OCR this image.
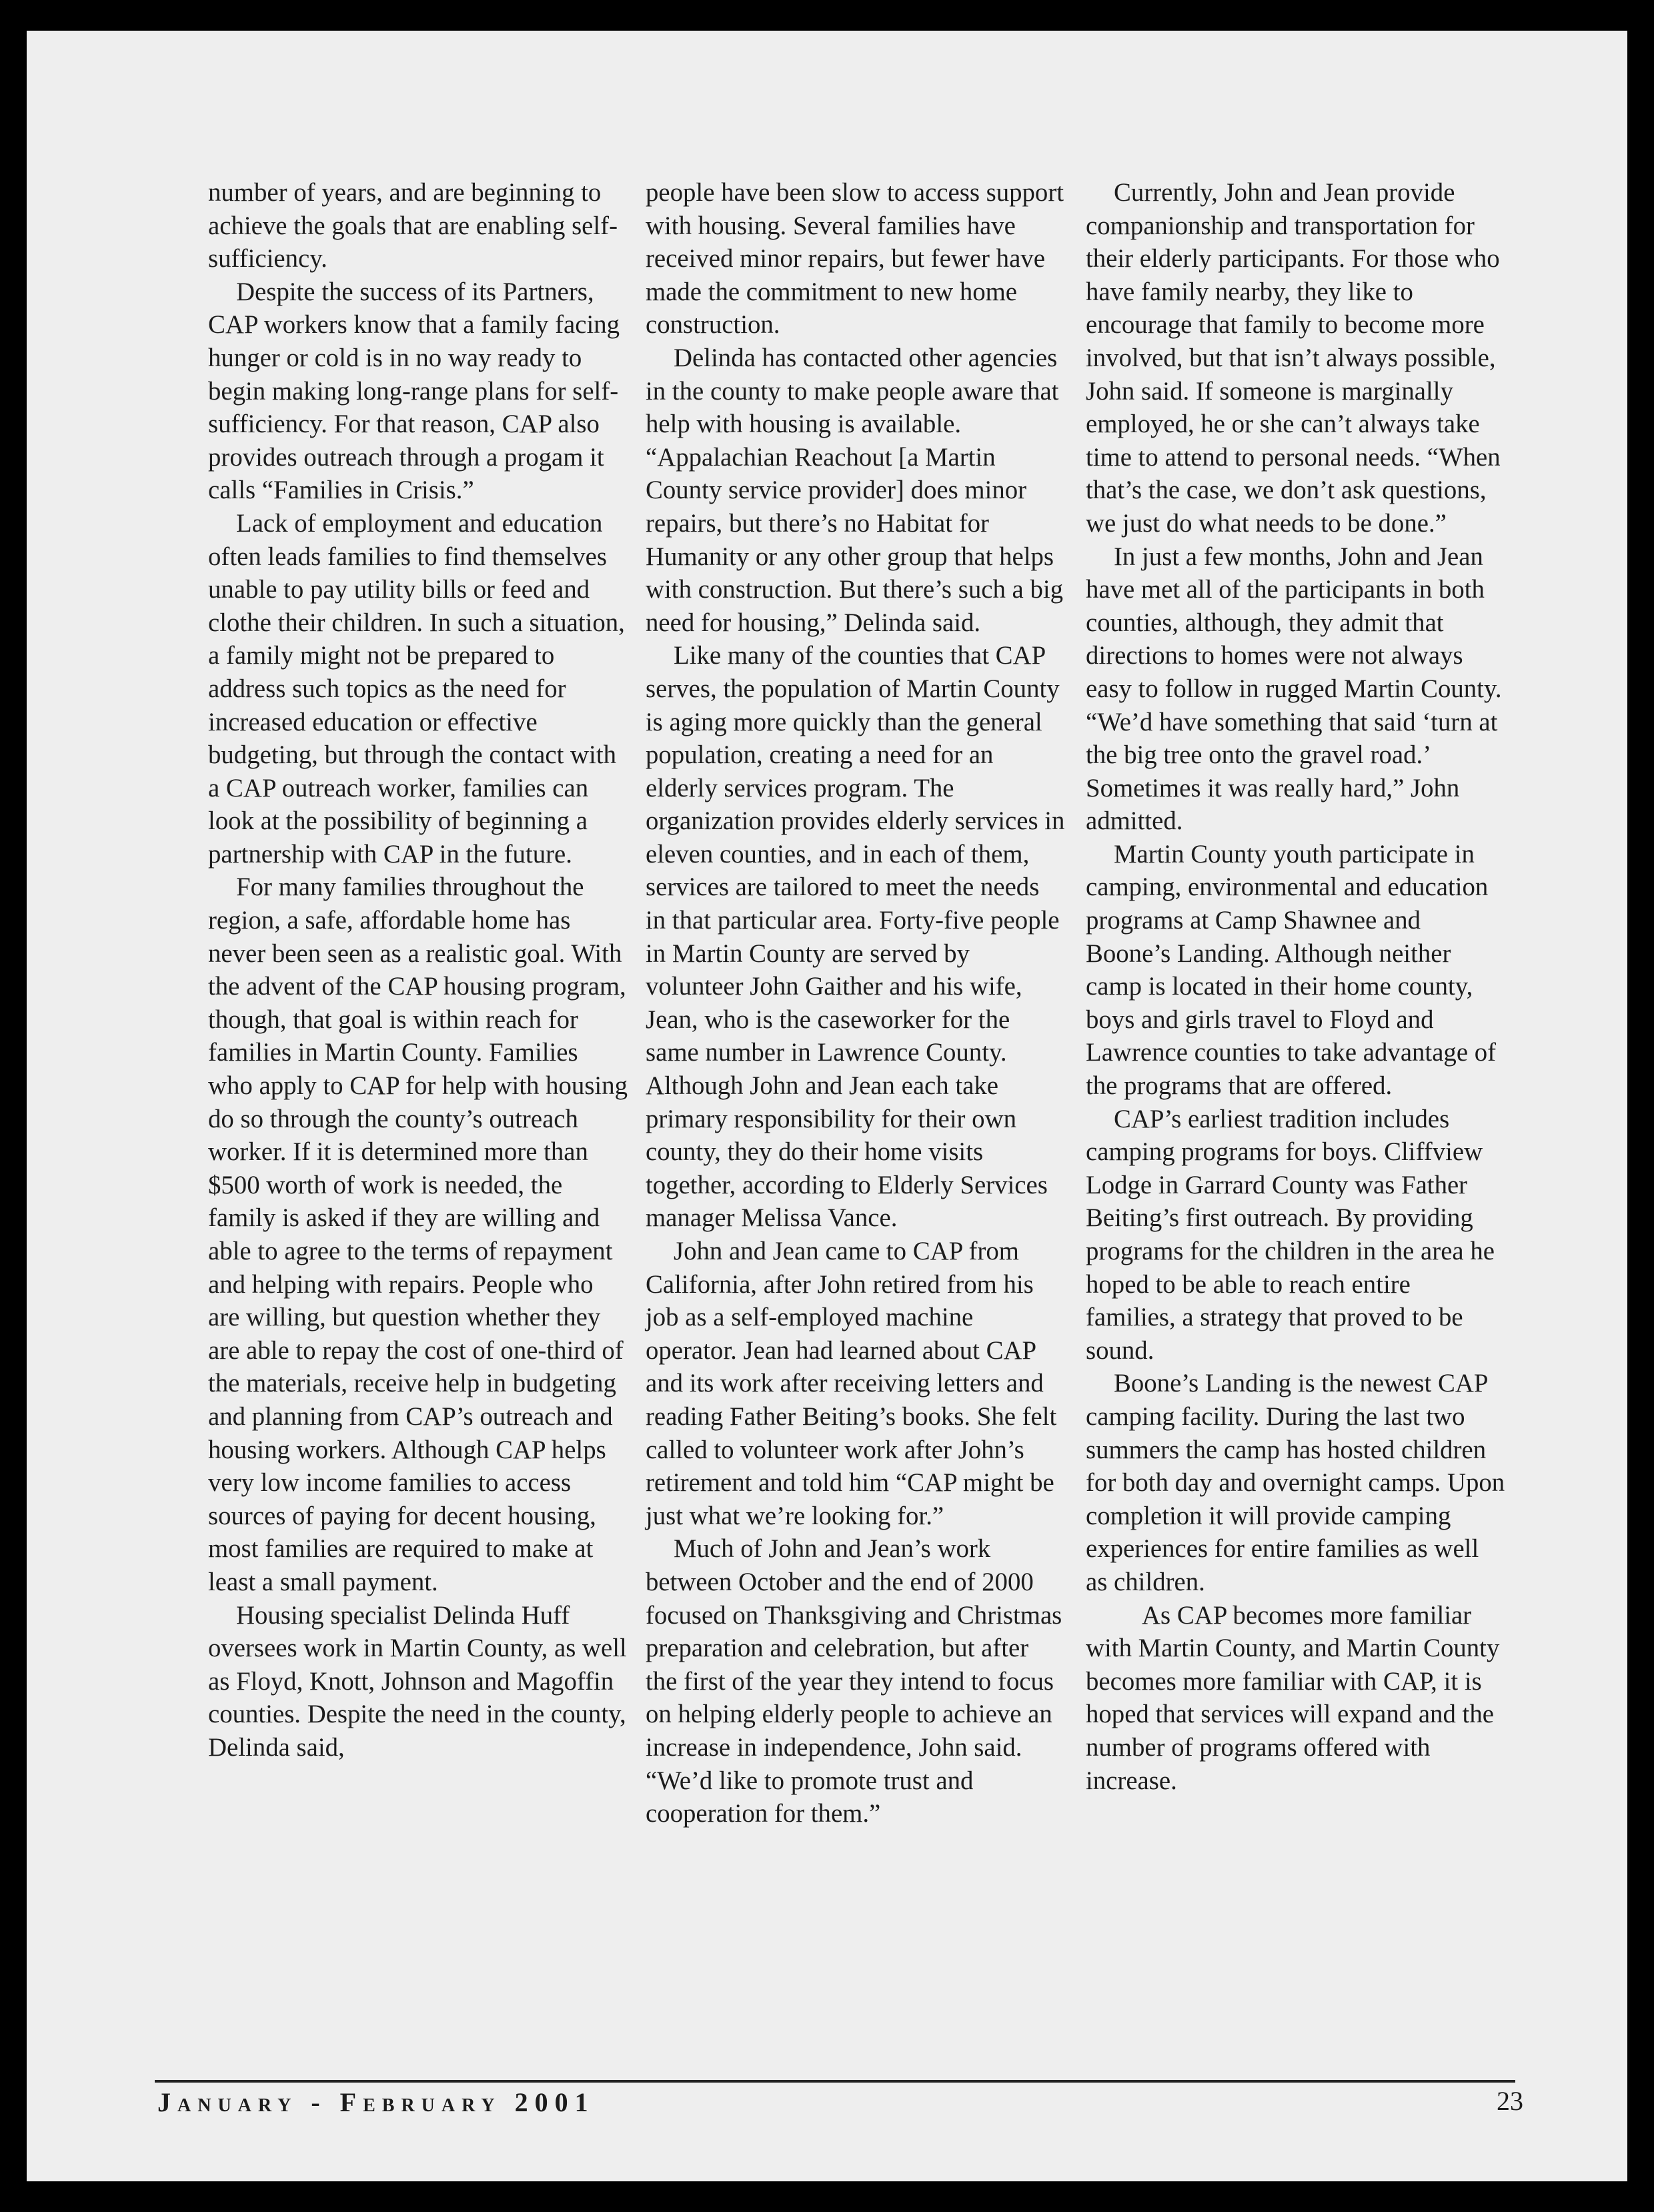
number of years, and are beginning to achieve the goals that are enabling self-sufficiency.

Despite the success of its Partners, CAP workers know that a family facing hunger or cold is in no way ready to begin making long-range plans for self-sufficiency. For that reason, CAP also provides outreach through a progam it calls “Families in Crisis.”

Lack of employment and education often leads families to find themselves unable to pay utility bills or feed and clothe their children. In such a situation, a family might not be prepared to address such topics as the need for increased education or effective budgeting, but through the contact with a CAP outreach worker, families can look at the possibility of beginning a partnership with CAP in the future.

For many families throughout the region, a safe, affordable home has never been seen as a realistic goal. With the advent of the CAP housing program, though, that goal is within reach for families in Martin County. Families who apply to CAP for help with housing do so through the county’s outreach worker. If it is determined more than $500 worth of work is needed, the family is asked if they are willing and able to agree to the terms of repayment and helping with repairs. People who are willing, but question whether they are able to repay the cost of one-third of the materials, receive help in budgeting and planning from CAP’s outreach and housing workers. Although CAP helps very low income families to access sources of paying for decent housing, most families are required to make at least a small payment.

Housing specialist Delinda Huff oversees work in Martin County, as well as Floyd, Knott, Johnson and Magoffin counties. Despite the need in the county, Delinda said,

people have been slow to access support with housing. Several families have received minor repairs, but fewer have made the commitment to new home construction.

Delinda has contacted other agencies in the county to make people aware that help with housing is available. “Appalachian Reachout [a Martin County service provider] does minor repairs, but there’s no Habitat for Humanity or any other group that helps with construction. But there’s such a big need for housing,” Delinda said.

Like many of the counties that CAP serves, the population of Martin County is aging more quickly than the general population, creating a need for an elderly services program. The organization provides elderly services in eleven counties, and in each of them, services are tailored to meet the needs in that particular area. Forty-five people in Martin County are served by volunteer John Gaither and his wife, Jean, who is the caseworker for the same number in Lawrence County. Although John and Jean each take primary responsibility for their own county, they do their home visits together, according to Elderly Services manager Melissa Vance.

John and Jean came to CAP from California, after John retired from his job as a self-employed machine operator. Jean had learned about CAP and its work after receiving letters and reading Father Beiting’s books. She felt called to volunteer work after John’s retirement and told him “CAP might be just what we’re looking for.”

Much of John and Jean’s work between October and the end of 2000 focused on Thanksgiving and Christmas preparation and celebration, but after the first of the year they intend to focus on helping elderly people to achieve an increase in independence, John said. “We’d like to promote trust and cooperation for them.”

Currently, John and Jean provide companionship and transportation for their elderly participants. For those who have family nearby, they like to encourage that family to become more involved, but that isn’t always possible, John said. If someone is marginally employed, he or she can’t always take time to attend to personal needs. “When that’s the case, we don’t ask questions, we just do what needs to be done.”

In just a few months, John and Jean have met all of the participants in both counties, although, they admit that directions to homes were not always easy to follow in rugged Martin County. “We’d have something that said ‘turn at the big tree onto the gravel road.’ Sometimes it was really hard,” John admitted.

Martin County youth participate in camping, environmental and education programs at Camp Shawnee and Boone’s Landing. Although neither camp is located in their home county, boys and girls travel to Floyd and Lawrence counties to take advantage of the programs that are offered.

CAP’s earliest tradition includes camping programs for boys. Cliffview Lodge in Garrard County was Father Beiting’s first outreach. By providing programs for the children in the area he hoped to be able to reach entire families, a strategy that proved to be sound.

Boone’s Landing is the newest CAP camping facility. During the last two summers the camp has hosted children for both day and overnight camps. Upon completion it will provide camping experiences for entire families as well as children.

As CAP becomes more familiar with Martin County, and Martin County becomes more familiar with CAP, it is hoped that services will expand and the number of programs offered with increase.

January - February 2001	23
